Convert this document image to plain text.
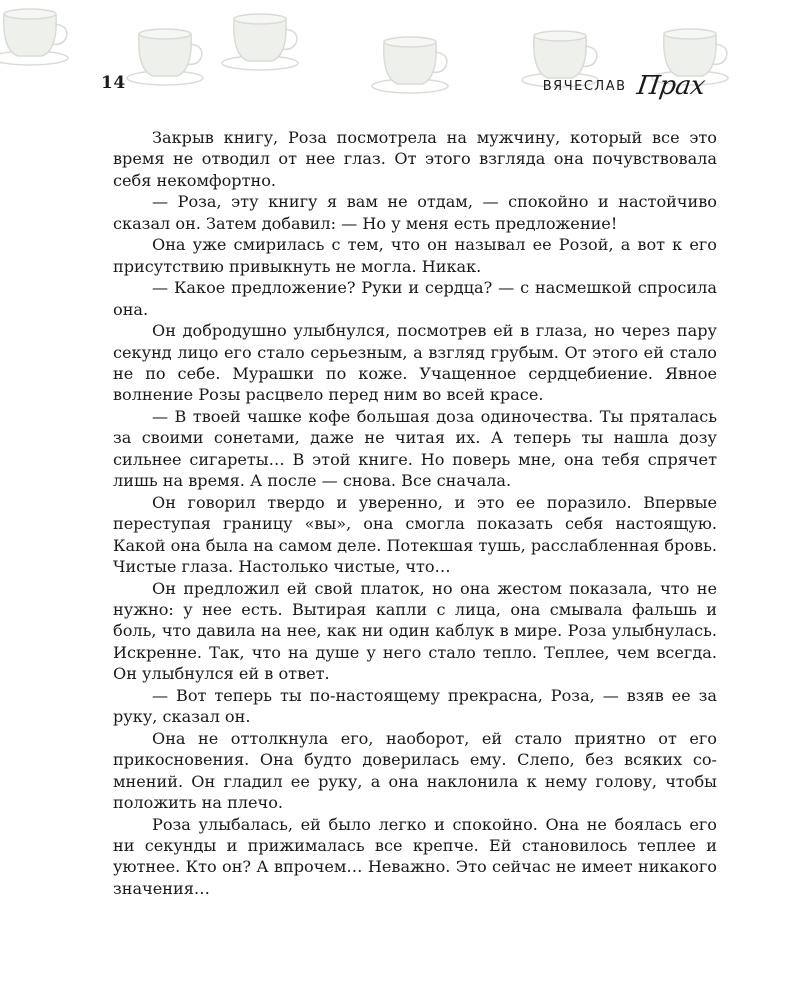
14	ВЯЧЕСЛАВ Прах

Закрыв книгу, Роза посмотрела на мужчину, который все это время не отводил от нее глаз. От этого взгляда она почувствовала себя некомфортно.

— Роза, эту книгу я вам не отдам, — спокойно и настойчиво сказал он. Затем добавил: — Но у меня есть предложение!

Она уже смирилась с тем, что он называл ее Розой, а вот к его присутствию привыкнуть не могла. Никак.

— Какое предложение? Руки и сердца? — с насмешкой спросила она.

Он добродушно улыбнулся, посмотрев ей в глаза, но через пару секунд лицо его стало серьезным, а взгляд грубым. От этого ей стало не по себе. Мурашки по коже. Учащенное сердцебиение. Явное волнение Розы расцвело перед ним во всей красе.

— В твоей чашке кофе большая доза одиночества. Ты пряталась за своими сонетами, даже не читая их. А теперь ты нашла дозу сильнее сигареты… В этой книге. Но поверь мне, она тебя спрячет лишь на время. А после — снова. Все сначала.

Он говорил твердо и уверенно, и это ее поразило. Впервые переступая границу «вы», она смогла показать себя настоящую. Какой она была на самом деле. Потекшая тушь, расслабленная бровь. Чистые глаза. Настолько чистые, что…

Он предложил ей свой платок, но она жестом показала, что не нужно: у нее есть. Вытирая капли с лица, она смывала фальшь и боль, что давила на нее, как ни один каблук в мире. Роза улыбнулась. Искренне. Так, что на душе у него стало тепло. Теплее, чем всегда. Он улыбнулся ей в ответ.

— Вот теперь ты по-настоящему прекрасна, Роза, — взяв ее за руку, сказал он.

Она не оттолкнула его, наоборот, ей стало приятно от его прикосновения. Она будто доверилась ему. Слепо, без всяких сомнений. Он гладил ее руку, а она наклонила к нему голову, чтобы положить на плечо.

Роза улыбалась, ей было легко и спокойно. Она не боялась его ни секунды и прижималась все крепче. Ей становилось теплее и уютнее. Кто он? А впрочем… Неважно. Это сейчас не имеет никакого значения…
